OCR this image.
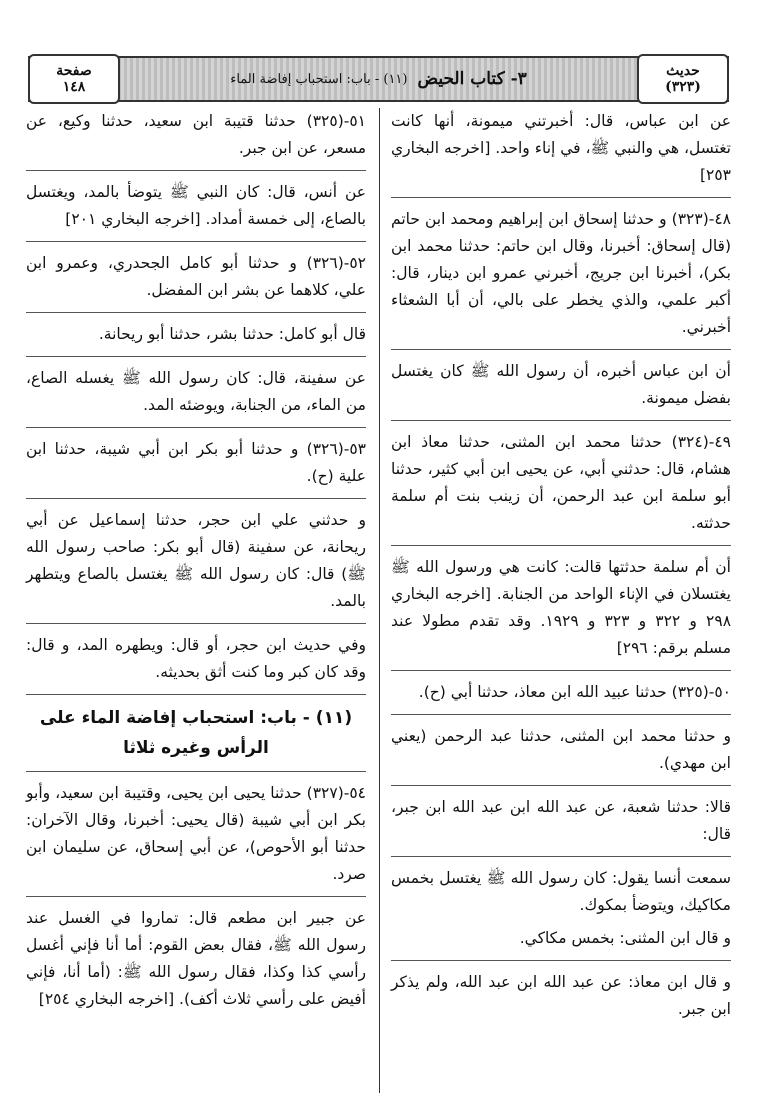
حديث
(٣٢٣)
٣- كتاب الحيض
(١١) - باب: استحباب إفاضة الماء
صفحة
١٤٨

عن ابن عباس، قال: أخبرتني ميمونة، أنها كانت تغتسل، هي والنبي ﷺ، في إناء واحد. [اخرجه البخاري ٢٥٣]

٤٨-(٣٢٣) و حدثنا إسحاق ابن إبراهيم ومحمد ابن حاتم (قال إسحاق: أخبرنا، وقال ابن حاتم: حدثنا محمد ابن بكر)، أخبرنا ابن جريج، أخبرني عمرو ابن دينار، قال: أكبر علمي، والذي يخطر على بالي، أن أبا الشعثاء أخبرني.

أن ابن عباس أخبره، أن رسول الله ﷺ كان يغتسل بفضل ميمونة.

٤٩-(٣٢٤) حدثنا محمد ابن المثنى، حدثنا معاذ ابن هشام، قال: حدثني أبي، عن يحيى ابن أبي كثير، حدثنا أبو سلمة ابن عبد الرحمن، أن زينب بنت أم سلمة حدثته.

أن أم سلمة حدثتها قالت: كانت هي ورسول الله ﷺ يغتسلان في الإناء الواحد من الجنابة. [اخرجه البخاري ٢٩٨ و ٣٢٢ و ٣٢٣ و ١٩٢٩. وقد تقدم مطولا عند مسلم برقم: ٢٩٦]

٥٠-(٣٢٥) حدثنا عبيد الله ابن معاذ، حدثنا أبي (ح).

و حدثنا محمد ابن المثنى، حدثنا عبد الرحمن (يعني ابن مهدي).

قالا: حدثنا شعبة، عن عبد الله ابن عبد الله ابن جبر، قال:

سمعت أنسا يقول: كان رسول الله ﷺ يغتسل بخمس مكاكيك، ويتوضأ بمكوك.

و قال ابن المثنى: بخمس مكاكي.

و قال ابن معاذ: عن عبد الله ابن عبد الله، ولم يذكر ابن جبر.

٥١-(٣٢٥) حدثنا قتيبة ابن سعيد، حدثنا وكيع، عن مسعر، عن ابن جبر.

عن أنس، قال: كان النبي ﷺ يتوضأ بالمد، ويغتسل بالصاع، إلى خمسة أمداد. [اخرجه البخاري ٢٠١]

٥٢-(٣٢٦) و حدثنا أبو كامل الجحدري، وعمرو ابن علي، كلاهما عن بشر ابن المفضل.

قال أبو كامل: حدثنا بشر، حدثنا أبو ريحانة.

عن سفينة، قال: كان رسول الله ﷺ يغسله الصاع، من الماء، من الجنابة، ويوضئه المد.

٥٣-(٣٢٦) و حدثنا أبو بكر ابن أبي شيبة، حدثنا ابن علية (ح).

و حدثني علي ابن حجر، حدثنا إسماعيل عن أبي ريحانة، عن سفينة (قال أبو بكر: صاحب رسول الله ﷺ) قال: كان رسول الله ﷺ يغتسل بالصاع ويتطهر بالمد.

وفي حديث ابن حجر، أو قال: ويطهره المد، و قال: وقد كان كبر وما كنت أثق بحديثه.

(١١) - باب: استحباب إفاضة الماء على الرأس وغيره ثلاثا

٥٤-(٣٢٧) حدثنا يحيى ابن يحيى، وقتيبة ابن سعيد، وأبو بكر ابن أبي شيبة (قال يحيى: أخبرنا، وقال الآخران: حدثنا أبو الأحوص)، عن أبي إسحاق، عن سليمان ابن صرد.

عن جبير ابن مطعم قال: تماروا في الغسل عند رسول الله ﷺ، فقال بعض القوم: أما أنا فإني أغسل رأسي كذا وكذا، فقال رسول الله ﷺ: (أما أنا، فإني أفيض على رأسي ثلاث أكف). [اخرجه البخاري ٢٥٤]
